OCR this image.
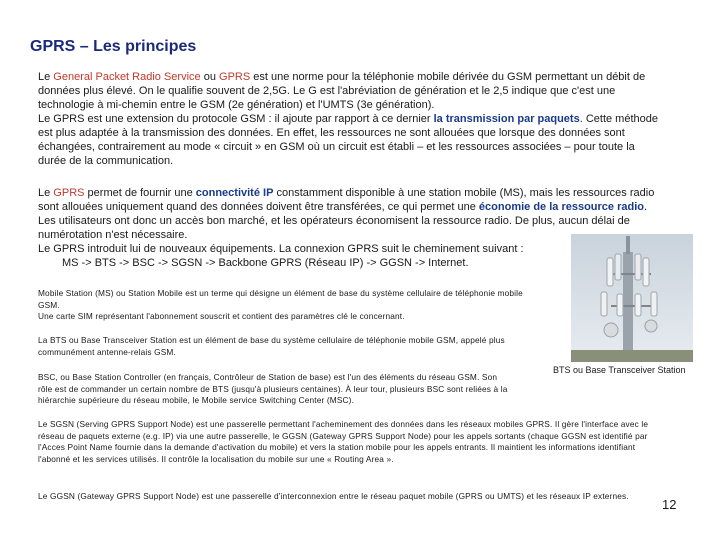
GPRS – Les principes

Le General Packet Radio Service ou GPRS est une norme pour la téléphonie mobile dérivée du GSM permettant un débit de données plus élevé. On le qualifie souvent de 2,5G. Le G est l'abréviation de génération et le 2,5 indique que c'est une technologie à mi-chemin entre le GSM (2e génération) et l'UMTS (3e génération).

Le GPRS est une extension du protocole GSM : il ajoute par rapport à ce dernier la transmission par paquets. Cette méthode est plus adaptée à la transmission des données. En effet, les ressources ne sont allouées que lorsque des données sont échangées, contrairement au mode « circuit » en GSM où un circuit est établi – et les ressources associées – pour toute la durée de la communication.

Le GPRS permet de fournir une connectivité IP constamment disponible à une station mobile (MS), mais les ressources radio sont allouées uniquement quand des données doivent être transférées, ce qui permet une économie de la ressource radio. Les utilisateurs ont donc un accès bon marché, et les opérateurs économisent la ressource radio. De plus, aucun délai de numérotation n'est nécessaire.

Le GPRS introduit lui de nouveaux équipements. La connexion GPRS suit le cheminement suivant :

MS -> BTS -> BSC -> SGSN -> Backbone GPRS (Réseau IP) -> GGSN -> Internet.

Mobile Station (MS) ou Station Mobile est un terme qui désigne un élément de base du système cellulaire de téléphonie mobile GSM.

Une carte SIM représentant l'abonnement souscrit et contient des paramètres clé le concernant.

La BTS ou Base Transceiver Station est un élément de base du système cellulaire de téléphonie mobile GSM, appelé plus communément antenne-relais GSM.

BSC, ou Base Station Controller (en français, Contrôleur de Station de base) est l'un des éléments du réseau GSM. Son rôle est de commander un certain nombre de BTS (jusqu'à plusieurs centaines). À leur tour, plusieurs BSC sont reliées à la hiérarchie supérieure du réseau mobile, le Mobile service Switching Center (MSC).

Le SGSN (Serving GPRS Support Node) est une passerelle permettant l'acheminement des données dans les réseaux mobiles GPRS. Il gère l'interface avec le réseau de paquets externe (e.g. IP) via une autre passerelle, le GGSN (Gateway GPRS Support Node) pour les appels sortants (chaque GGSN est identifié par l'Acces Point Name fournie dans la demande d'activation du mobile) et vers la station mobile pour les appels entrants. Il maintient les informations identifiant l'abonné et les services utilisés. Il contrôle la localisation du mobile sur une « Routing Area ».

Le GGSN (Gateway GPRS Support Node) est une passerelle d'interconnexion entre le réseau paquet mobile (GPRS ou UMTS) et les réseaux IP externes.

BTS ou Base Transceiver Station
12
